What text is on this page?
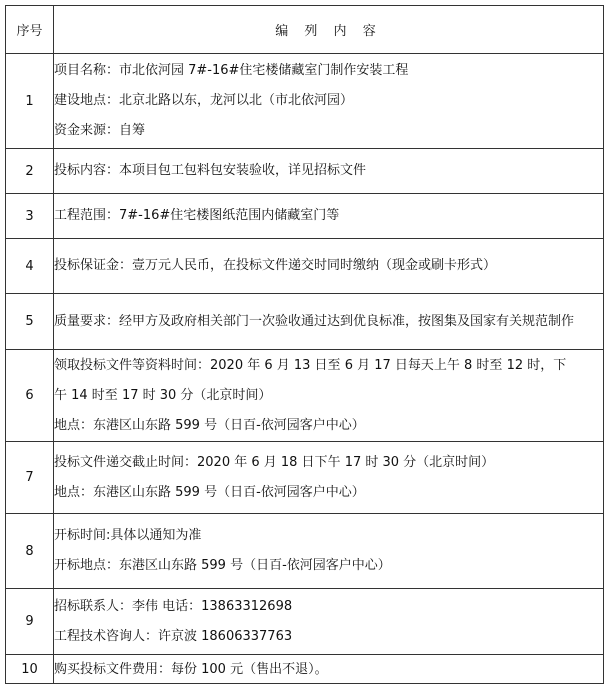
序号	编 列 内 容
1	项目名称：市北依河园 7#-16#住宅楼储藏室门制作安装工程
建设地点：北京北路以东，龙河以北（市北依河园）
资金来源：自筹

2	投标内容：本项目包工包料包安装验收，详见招标文件

3	工程范围：7#-16#住宅楼图纸范围内储藏室门等

4	投标保证金：壹万元人民币，在投标文件递交时同时缴纳（现金或刷卡形式）

5	质量要求：经甲方及政府相关部门一次验收通过达到优良标准，按图集及国家有关规范制作

6	领取投标文件等资料时间：2020 年 6 月 13 日至 6 月 17 日每天上午 8 时至 12 时，下
午 14 时至 17 时 30 分（北京时间）
地点：东港区山东路 599 号（日百-依河园客户中心）

7	投标文件递交截止时间：2020 年 6 月 18 日下午 17 时 30 分（北京时间）
地点：东港区山东路 599 号（日百-依河园客户中心）

8	开标时间:具体以通知为准
开标地点：东港区山东路 599 号（日百-依河园客户中心）

9	招标联系人：李伟 电话：13863312698
工程技术咨询人：许京波 18606337763

10	购买投标文件费用：每份 100 元（售出不退）。
